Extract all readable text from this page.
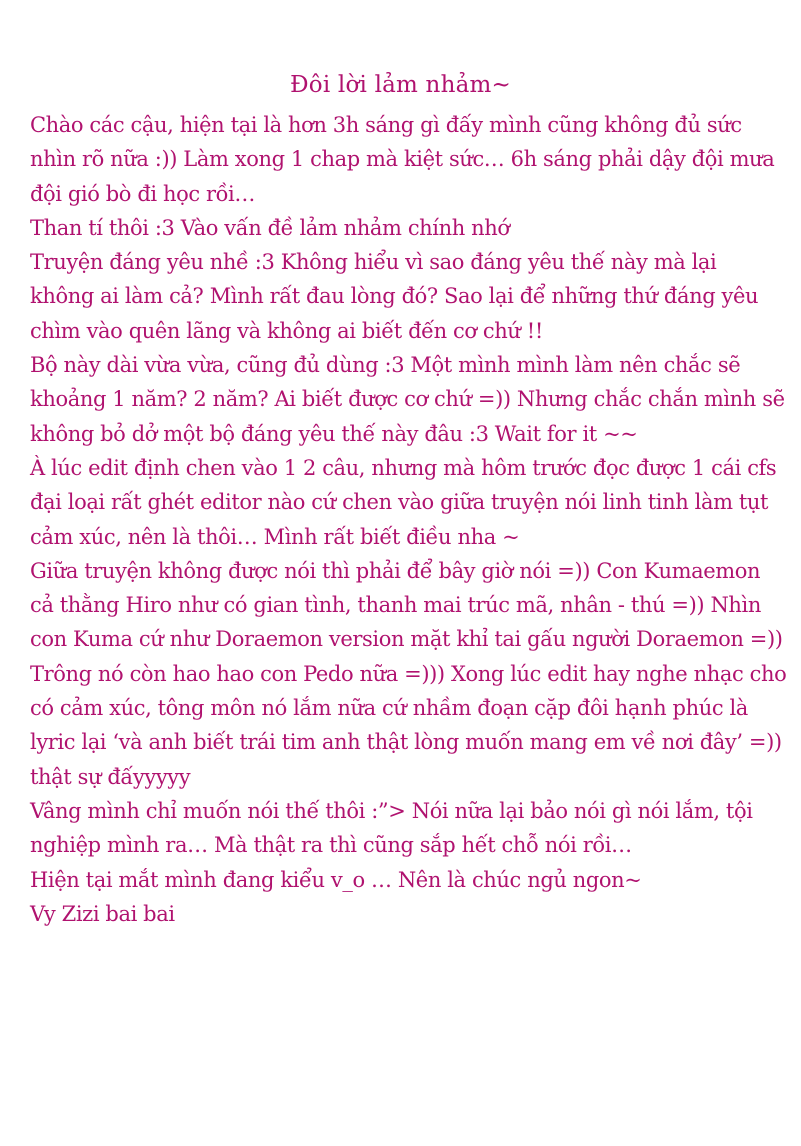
Đôi lời lảm nhảm~
Chào các cậu, hiện tại là hơn 3h sáng gì đấy mình cũng không đủ sức
nhìn rõ nữa :)) Làm xong 1 chap mà kiệt sức… 6h sáng phải dậy đội mưa
đội gió bò đi học rồi…
Than tí thôi :3 Vào vấn đề lảm nhảm chính nhớ
Truyện đáng yêu nhề :3 Không hiểu vì sao đáng yêu thế này mà lại
không ai làm cả? Mình rất đau lòng đó? Sao lại để những thứ đáng yêu
chìm vào quên lãng và không ai biết đến cơ chứ !!
Bộ này dài vừa vừa, cũng đủ dùng :3 Một mình mình làm nên chắc sẽ
khoảng 1 năm? 2 năm? Ai biết được cơ chứ =)) Nhưng chắc chắn mình sẽ
không bỏ dở một bộ đáng yêu thế này đâu :3 Wait for it ~~
À lúc edit định chen vào 1 2 câu, nhưng mà hôm trước đọc được 1 cái cfs
đại loại rất ghét editor nào cứ chen vào giữa truyện nói linh tinh làm tụt
cảm xúc, nên là thôi… Mình rất biết điều nha ~
Giữa truyện không được nói thì phải để bây giờ nói =)) Con Kumaemon
cả thằng Hiro như có gian tình, thanh mai trúc mã, nhân - thú =)) Nhìn
con Kuma cứ như Doraemon version mặt khỉ tai gấu người Doraemon =))
Trông nó còn hao hao con Pedo nữa =))) Xong lúc edit hay nghe nhạc cho
có cảm xúc, tông môn nó lắm nữa cứ nhầm đoạn cặp đôi hạnh phúc là
lyric lại ‘và anh biết trái tim anh thật lòng muốn mang em về nơi đây’ =))
thật sự đấyyyyy
Vâng mình chỉ muốn nói thế thôi :”> Nói nữa lại bảo nói gì nói lắm, tội
nghiệp mình ra… Mà thật ra thì cũng sắp hết chỗ nói rồi…
Hiện tại mắt mình đang kiểu v_o … Nên là chúc ngủ ngon~
Vy Zizi bai bai
